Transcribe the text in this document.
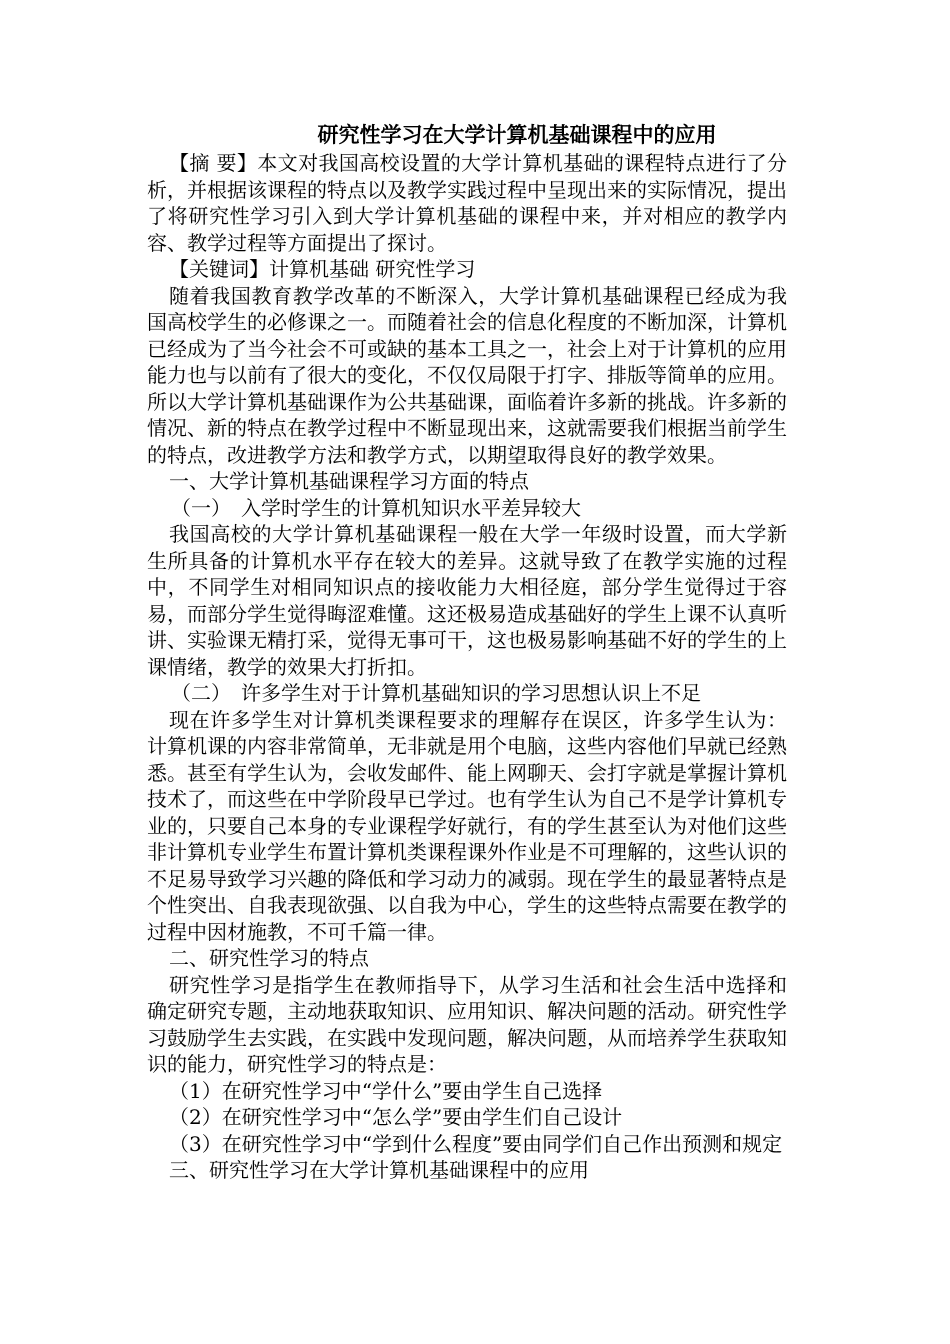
研究性学习在大学计算机基础课程中的应用

【摘 要】本文对我国高校设置的大学计算机基础的课程特点进行了分析，并根据该课程的特点以及教学实践过程中呈现出来的实际情况，提出了将研究性学习引入到大学计算机基础的课程中来，并对相应的教学内容、教学过程等方面提出了探讨。

【关键词】计算机基础 研究性学习

随着我国教育教学改革的不断深入，大学计算机基础课程已经成为我国高校学生的必修课之一。而随着社会的信息化程度的不断加深，计算机已经成为了当今社会不可或缺的基本工具之一，社会上对于计算机的应用能力也与以前有了很大的变化，不仅仅局限于打字、排版等简单的应用。所以大学计算机基础课作为公共基础课，面临着许多新的挑战。许多新的情况、新的特点在教学过程中不断显现出来，这就需要我们根据当前学生的特点，改进教学方法和教学方式，以期望取得良好的教学效果。

一、大学计算机基础课程学习方面的特点

（一）　入学时学生的计算机知识水平差异较大

我国高校的大学计算机基础课程一般在大学一年级时设置，而大学新生所具备的计算机水平存在较大的差异。这就导致了在教学实施的过程中，不同学生对相同知识点的接收能力大相径庭，部分学生觉得过于容易，而部分学生觉得晦涩难懂。这还极易造成基础好的学生上课不认真听讲、实验课无精打采，觉得无事可干，这也极易影响基础不好的学生的上课情绪，教学的效果大打折扣。

（二）　许多学生对于计算机基础知识的学习思想认识上不足

现在许多学生对计算机类课程要求的理解存在误区，许多学生认为：计算机课的内容非常简单，无非就是用个电脑，这些内容他们早就已经熟悉。甚至有学生认为，会收发邮件、能上网聊天、会打字就是掌握计算机技术了，而这些在中学阶段早已学过。也有学生认为自己不是学计算机专业的，只要自己本身的专业课程学好就行，有的学生甚至认为对他们这些非计算机专业学生布置计算机类课程课外作业是不可理解的，这些认识的不足易导致学习兴趣的降低和学习动力的减弱。现在学生的最显著特点是个性突出、自我表现欲强、以自我为中心，学生的这些特点需要在教学的过程中因材施教，不可千篇一律。

二、研究性学习的特点

研究性学习是指学生在教师指导下，从学习生活和社会生活中选择和确定研究专题，主动地获取知识、应用知识、解决问题的活动。研究性学习鼓励学生去实践，在实践中发现问题，解决问题，从而培养学生获取知识的能力，研究性学习的特点是：

（1）在研究性学习中“学什么”要由学生自己选择

（2）在研究性学习中“怎么学”要由学生们自己设计

（3）在研究性学习中“学到什么程度”要由同学们自己作出预测和规定

三、研究性学习在大学计算机基础课程中的应用
